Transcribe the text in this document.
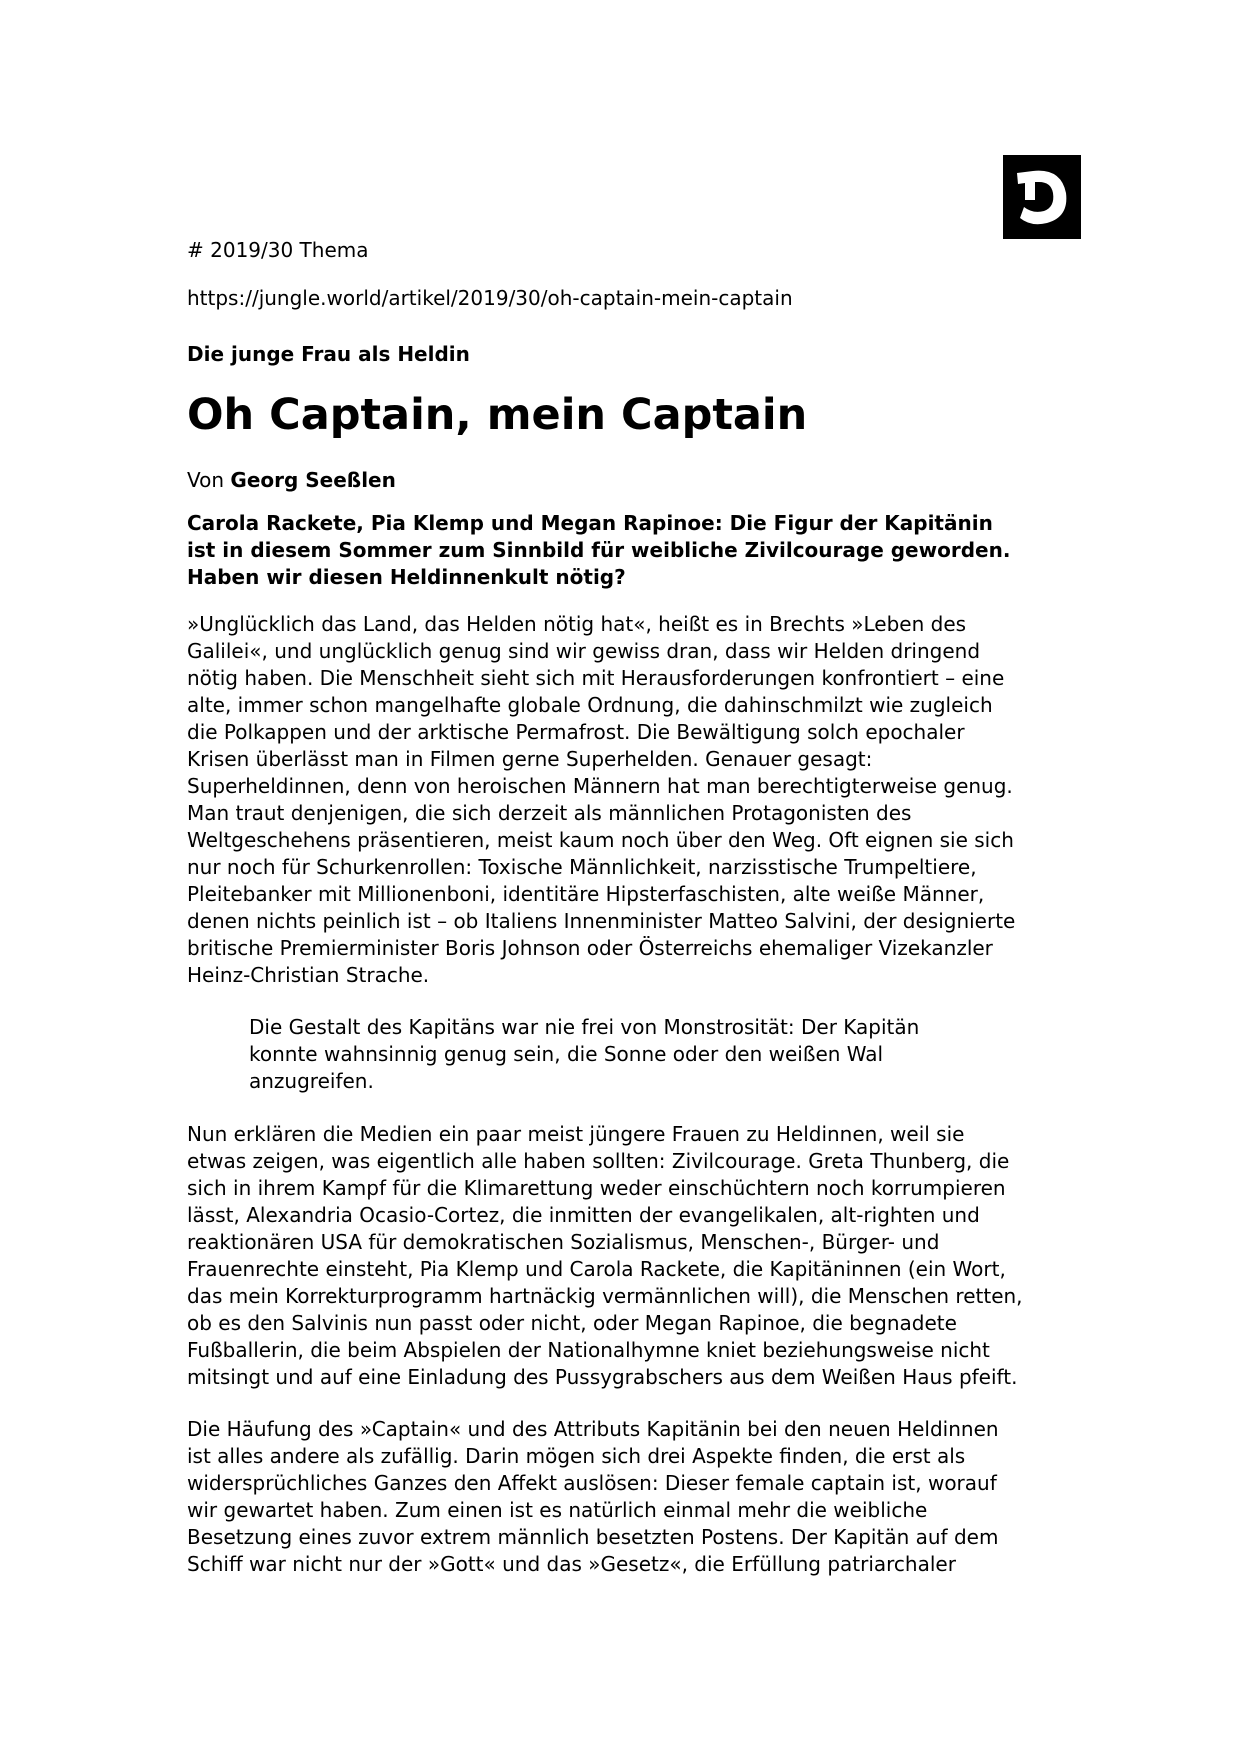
# 2019/30 Thema

https://jungle.world/artikel/2019/30/oh-captain-mein-captain

Die junge Frau als Heldin

Oh Captain, mein Captain

Von Georg Seeßlen

Carola Rackete, Pia Klemp und Megan Rapinoe: Die Figur der Kapitänin
ist in diesem Sommer zum Sinnbild für weibliche Zivilcourage geworden.
Haben wir diesen Heldinnenkult nötig?
»Unglücklich das Land, das Helden nötig hat«, heißt es in Brechts »Leben des
Galilei«, und unglücklich genug sind wir gewiss dran, dass wir Helden dringend
nötig haben. Die Menschheit sieht sich mit Herausforderungen konfrontiert – eine
alte, immer schon mangelhafte globale Ordnung, die dahinschmilzt wie zugleich
die Polkappen und der arktische Permafrost. Die Bewältigung solch epochaler
Krisen überlässt man in Filmen gerne Superhelden. Genauer gesagt:
Superheldinnen, denn von heroischen Männern hat man berechtigterweise genug.
Man traut denjenigen, die sich derzeit als männlichen Protagonisten des
Weltgeschehens präsentieren, meist kaum noch über den Weg. Oft eignen sie sich
nur noch für Schurkenrollen: Toxische Männlichkeit, narzisstische Trumpeltiere,
Pleitebanker mit Millionenboni, identitäre Hipsterfaschisten, alte weiße Männer,
denen nichts peinlich ist – ob Italiens Innenminister Matteo Salvini, der designierte
britische Premierminister Boris Johnson oder Österreichs ehemaliger Vizekanzler
Heinz-Christian Strache.
Die Gestalt des Kapitäns war nie frei von Monstrosität: Der Kapitän
konnte wahnsinnig genug sein, die Sonne oder den weißen Wal
anzugreifen.
Nun erklären die Medien ein paar meist jüngere Frauen zu Heldinnen, weil sie
etwas zeigen, was eigentlich alle haben sollten: Zivilcourage. Greta Thunberg, die
sich in ihrem Kampf für die Klimarettung weder einschüchtern noch korrumpieren
lässt, Alexandria Ocasio-Cortez, die inmitten der evangelikalen, alt-righten und
reaktionären USA für demokratischen Sozialismus, Menschen-, Bürger- und
Frauenrechte einsteht, Pia Klemp und Carola Rackete, die Kapitäninnen (ein Wort,
das mein Korrekturprogramm hartnäckig vermännlichen will), die Menschen retten,
ob es den Salvinis nun passt oder nicht, oder Megan Rapinoe, die begnadete
Fußballerin, die beim Abspielen der Nationalhymne kniet beziehungsweise nicht
mitsingt und auf eine Einladung des Pussygrabschers aus dem Weißen Haus pfeift.
Die Häufung des »Captain« und des Attributs Kapitänin bei den neuen Heldinnen
ist alles andere als zufällig. Darin mögen sich drei Aspekte finden, die erst als
widersprüchliches Ganzes den Affekt auslösen: Dieser female captain ist, worauf
wir gewartet haben. Zum einen ist es natürlich einmal mehr die weibliche
Besetzung eines zuvor extrem männlich besetzten Postens. Der Kapitän auf dem
Schiff war nicht nur der »Gott« und das »Gesetz«, die Erfüllung patriarchaler
